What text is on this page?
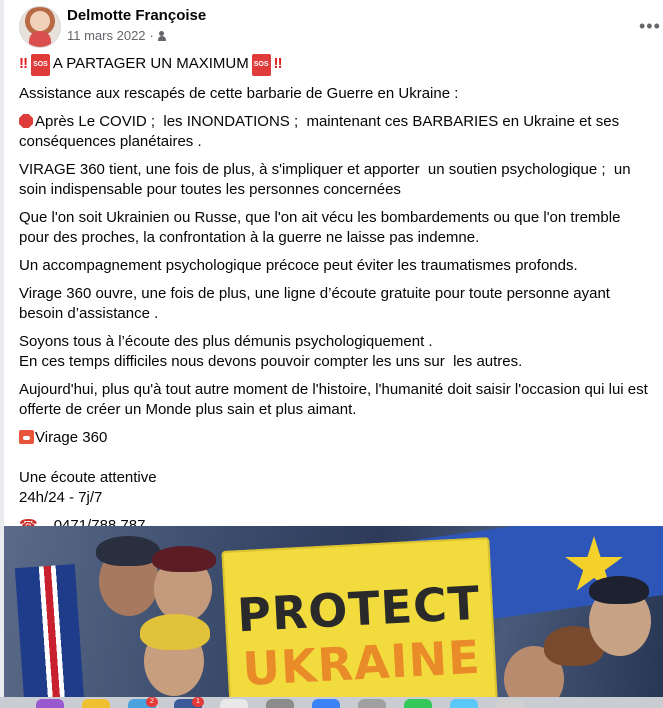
Delmotte Françoise
11 mars 2022 ·	•••

‼ SOS A PARTAGER UN MAXIMUM SOS ‼

Assistance aux rescapés de cette barbarie de Guerre en Ukraine :

Après Le COVID ;  les INONDATIONS ;  maintenant ces BARBARIES en Ukraine et ses conséquences planétaires .

VIRAGE 360 tient, une fois de plus, à s'impliquer et apporter  un soutien psychologique ;  un soin indispensable pour toutes les personnes concernées

Que l'on soit Ukrainien ou Russe, que l'on ait vécu les bombardements ou que l'on tremble pour des proches, la confrontation à la guerre ne laisse pas indemne.

Un accompagnement psychologique précoce peut éviter les traumatismes profonds.

Virage 360 ouvre, une fois de plus, une ligne d’écoute gratuite pour toute personne ayant besoin d’assistance .

Soyons tous à l’écoute des plus démunis psychologiquement .
En ces temps difficiles nous devons pouvoir compter les uns sur  les autres.

Aujourd'hui, plus qu'à tout autre moment de l'histoire, l'humanité doit saisir l'occasion qui lui est offerte de créer un Monde plus sain et plus aimant.

Virage 360

Une écoute attentive
24h/24 - 7j/7

PROTECT
UKRAINE
2	1
